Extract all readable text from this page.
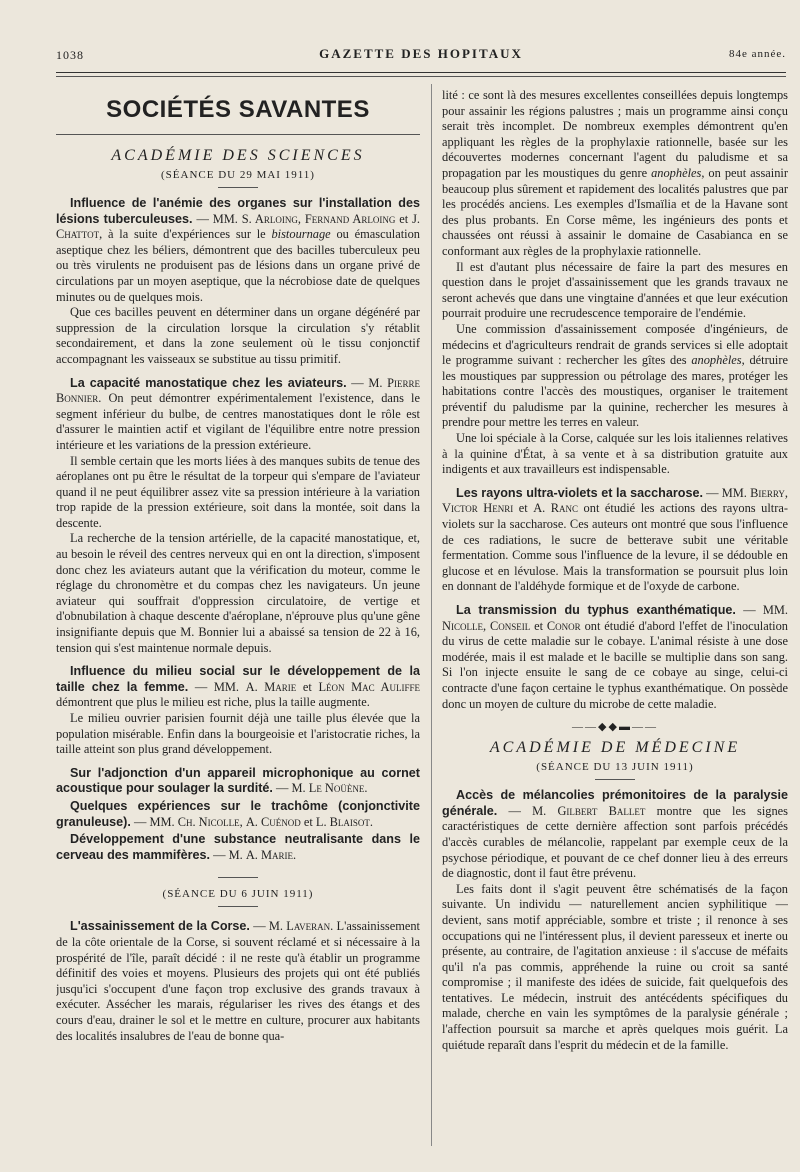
1038	GAZETTE DES HOPITAUX	84e année.
SOCIÉTÉS SAVANTES
ACADÉMIE DES SCIENCES
(SÉANCE DU 29 MAI 1911)

Influence de l'anémie des organes sur l'installation des lésions tuberculeuses. — MM. S. Arloing, Fernand Arloing et J. Chattot, à la suite d'expériences sur le bistournage ou émasculation aseptique chez les béliers, démontrent que des bacilles tuberculeux peu ou très virulents ne produisent pas de lésions dans un organe privé de circulations par un moyen aseptique, que la nécrobiose date de quelques minutes ou de quelques mois.

Que ces bacilles peuvent en déterminer dans un organe dégénéré par suppression de la circulation lorsque la circulation s'y rétablit secondairement, et dans la zone seulement où le tissu conjonctif accompagnant les vaisseaux se substitue au tissu primitif.

La capacité manostatique chez les aviateurs. — M. Pierre Bonnier. On peut démontrer expérimentalement l'existence, dans le segment inférieur du bulbe, de centres manostatiques dont le rôle est d'assurer le maintien actif et vigilant de l'équilibre entre notre pression intérieure et les variations de la pression extérieure.

Il semble certain que les morts liées à des manques subits de tenue des aéroplanes ont pu être le résultat de la torpeur qui s'empare de l'aviateur quand il ne peut équilibrer assez vite sa pression intérieure à la variation trop rapide de la pression extérieure, soit dans la montée, soit dans la descente.

La recherche de la tension artérielle, de la capacité manostatique, et, au besoin le réveil des centres nerveux qui en ont la direction, s'imposent donc chez les aviateurs autant que la vérification du moteur, comme le réglage du chronomètre et du compas chez les navigateurs. Un jeune aviateur qui souffrait d'oppression circulatoire, de vertige et d'obnubilation à chaque descente d'aéroplane, n'éprouve plus qu'une gêne insignifiante depuis que M. Bonnier lui a abaissé sa tension de 22 à 16, tension qui s'est maintenue normale depuis.

Influence du milieu social sur le développement de la taille chez la femme. — MM. A. Marie et Léon Mac Auliffe démontrent que plus le milieu est riche, plus la taille augmente.

Le milieu ouvrier parisien fournit déjà une taille plus élevée que la population misérable. Enfin dans la bourgeoisie et l'aristocratie riches, la taille atteint son plus grand développement.

Sur l'adjonction d'un appareil microphonique au cornet acoustique pour soulager la surdité. — M. Le Noüène.

Quelques expériences sur le trachôme (conjonctivite granuleuse). — MM. Ch. Nicolle, A. Cuénod et L. Blaisot.

Développement d'une substance neutralisante dans le cerveau des mammifères. — M. A. Marie.

(SÉANCE DU 6 JUIN 1911)

L'assainissement de la Corse. — M. Laveran. L'assainissement de la côte orientale de la Corse, si souvent réclamé et si nécessaire à la prospérité de l'île, paraît décidé : il ne reste qu'à établir un programme définitif des voies et moyens. Plusieurs des projets qui ont été publiés jusqu'ici s'occupent d'une façon trop exclusive des grands travaux à exécuter. Assécher les marais, régulariser les rives des étangs et des cours d'eau, drainer le sol et le mettre en culture, procurer aux habitants des localités insalubres de l'eau de bonne qua-

lité : ce sont là des mesures excellentes conseillées depuis longtemps pour assainir les régions palustres ; mais un programme ainsi conçu serait très incomplet. De nombreux exemples démontrent qu'en appliquant les règles de la prophylaxie rationnelle, basée sur les découvertes modernes concernant l'agent du paludisme et sa propagation par les moustiques du genre anophèles, on peut assainir beaucoup plus sûrement et rapidement des localités palustres que par les procédés anciens. Les exemples d'Ismaïlia et de la Havane sont des plus probants. En Corse même, les ingénieurs des ponts et chaussées ont réussi à assainir le domaine de Casabianca en se conformant aux règles de la prophylaxie rationnelle.

Il est d'autant plus nécessaire de faire la part des mesures en question dans le projet d'assainissement que les grands travaux ne seront achevés que dans une vingtaine d'années et que leur exécution pourrait produire une recrudescence temporaire de l'endémie.

Une commission d'assainissement composée d'ingénieurs, de médecins et d'agriculteurs rendrait de grands services si elle adoptait le programme suivant : rechercher les gîtes des anophèles, détruire les moustiques par suppression ou pétrolage des mares, protéger les habitations contre l'accès des moustiques, organiser le traitement préventif du paludisme par la quinine, rechercher les mesures à prendre pour mettre les terres en valeur.

Une loi spéciale à la Corse, calquée sur les lois italiennes relatives à la quinine d'État, à sa vente et à sa distribution gratuite aux indigents et aux travailleurs est indispensable.

Les rayons ultra-violets et la saccharose. — MM. Bierry, Victor Henri et A. Ranc ont étudié les actions des rayons ultra-violets sur la saccharose. Ces auteurs ont montré que sous l'influence de ces radiations, le sucre de betterave subit une véritable fermentation. Comme sous l'influence de la levure, il se dédouble en glucose et en lévulose. Mais la transformation se poursuit plus loin en donnant de l'aldéhyde formique et de l'oxyde de carbone.

La transmission du typhus exanthématique. — MM. Nicolle, Conseil et Conor ont étudié d'abord l'effet de l'inoculation du virus de cette maladie sur le cobaye. L'animal résiste à une dose modérée, mais il est malade et le bacille se multiplie dans son sang. Si l'on injecte ensuite le sang de ce cobaye au singe, celui-ci contracte d'une façon certaine le typhus exanthématique. On possède donc un moyen de culture du microbe de cette maladie.

——◆◆▬——
ACADÉMIE DE MÉDECINE
(SÉANCE DU 13 JUIN 1911)

Accès de mélancolies prémonitoires de la paralysie générale. — M. Gilbert Ballet montre que les signes caractéristiques de cette dernière affection sont parfois précédés d'accès curables de mélancolie, rappelant par exemple ceux de la psychose périodique, et pouvant de ce chef donner lieu à des erreurs de diagnostic, dont il faut être prévenu.

Les faits dont il s'agit peuvent être schématisés de la façon suivante. Un individu — naturellement ancien syphilitique — devient, sans motif appréciable, sombre et triste ; il renonce à ses occupations qui ne l'intéressent plus, il devient paresseux et inerte ou présente, au contraire, de l'agitation anxieuse : il s'accuse de méfaits qu'il n'a pas commis, appréhende la ruine ou croit sa santé compromise ; il manifeste des idées de suicide, fait quelquefois des tentatives. Le médecin, instruit des antécédents spécifiques du malade, cherche en vain les symptômes de la paralysie générale ; l'affection poursuit sa marche et après quelques mois guérit. La quiétude reparaît dans l'esprit du médecin et de la famille.
